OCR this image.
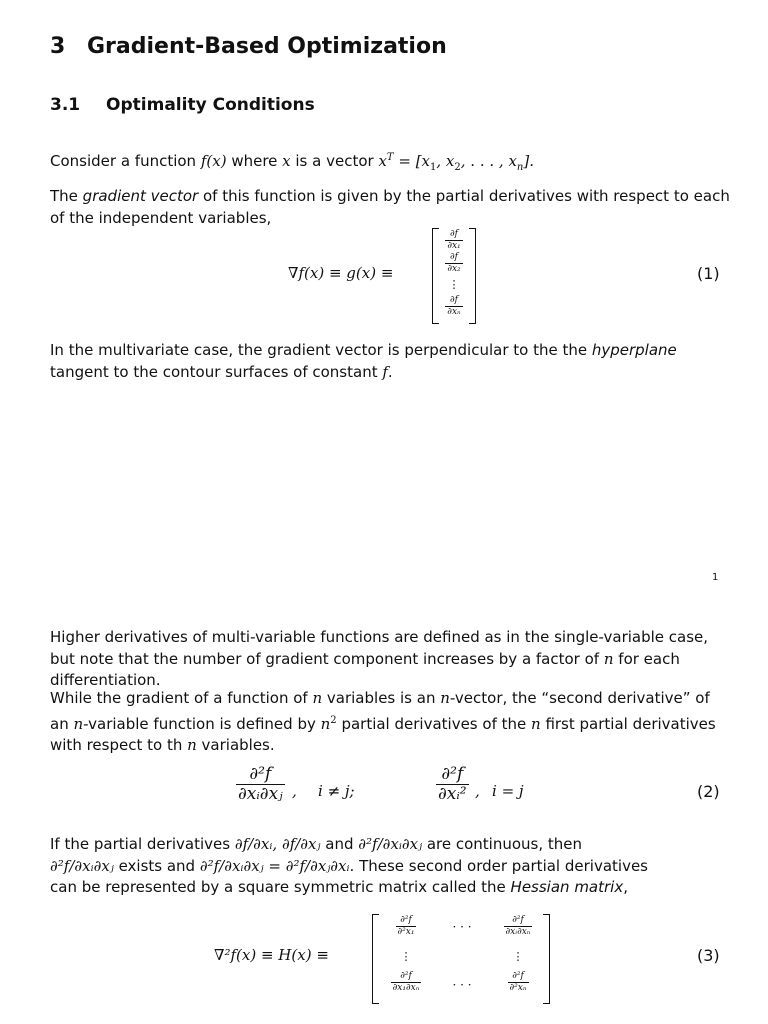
3 Gradient-Based Optimization
3.1 Optimality Conditions
Consider a function f(x) where x is a vector $x^T = [x_1$, $x_2$, . . . , $x_n$].
The gradient vector of this function is given by the partial derivatives with respect to each of the independent variables,
∇f(x) ≡ g(x) ≡
$\frac{\partial f}{\text{∂x₁}}$
$\frac{\partial f}{\text{∂x₂}}$
⋮
$\frac{\partial f}{\text{∂xₙ}}$
(1)
In the multivariate case, the gradient vector is perpendicular to the the hyperplane tangent to the contour surfaces of constant f.
1
Higher derivatives of multi-variable functions are defined as in the single-variable case, but note that the number of gradient component increases by a factor of n for each differentiation.
While the gradient of a function of n variables is an n-vector, the “second derivative” of an n-variable function is defined by $n^2$ partial derivatives of the n first partial derivatives with respect to th n variables.
$\frac{\text{∂²f}}{\text{∂xᵢ∂xⱼ}}$ , i ≠ j;	$\frac{\text{∂²f}}{\text{∂xᵢ²}}$ , i = j	(2)
If the partial derivatives ∂f/∂xᵢ, ∂f/∂xⱼ and ∂²f/∂xᵢ∂xⱼ are continuous, then
∂²f/∂xᵢ∂xⱼ exists and ∂²f/∂xᵢ∂xⱼ = ∂²f/∂xⱼ∂xᵢ. These second order partial derivatives
can be represented by a square symmetric matrix called the Hessian matrix,
∇²f(x) ≡ H(x) ≡
$\frac{\text{∂²f}}{\text{∂²x₁}}$	· · ·	$\frac{\text{∂²f}}{\text{∂xᵢ∂xₙ}}$
⋮	⋮
$\frac{\text{∂²f}}{\text{∂x₁∂xₙ}}$	· · ·	$\frac{\text{∂²f}}{\text{∂²xₙ}}$
(3)
